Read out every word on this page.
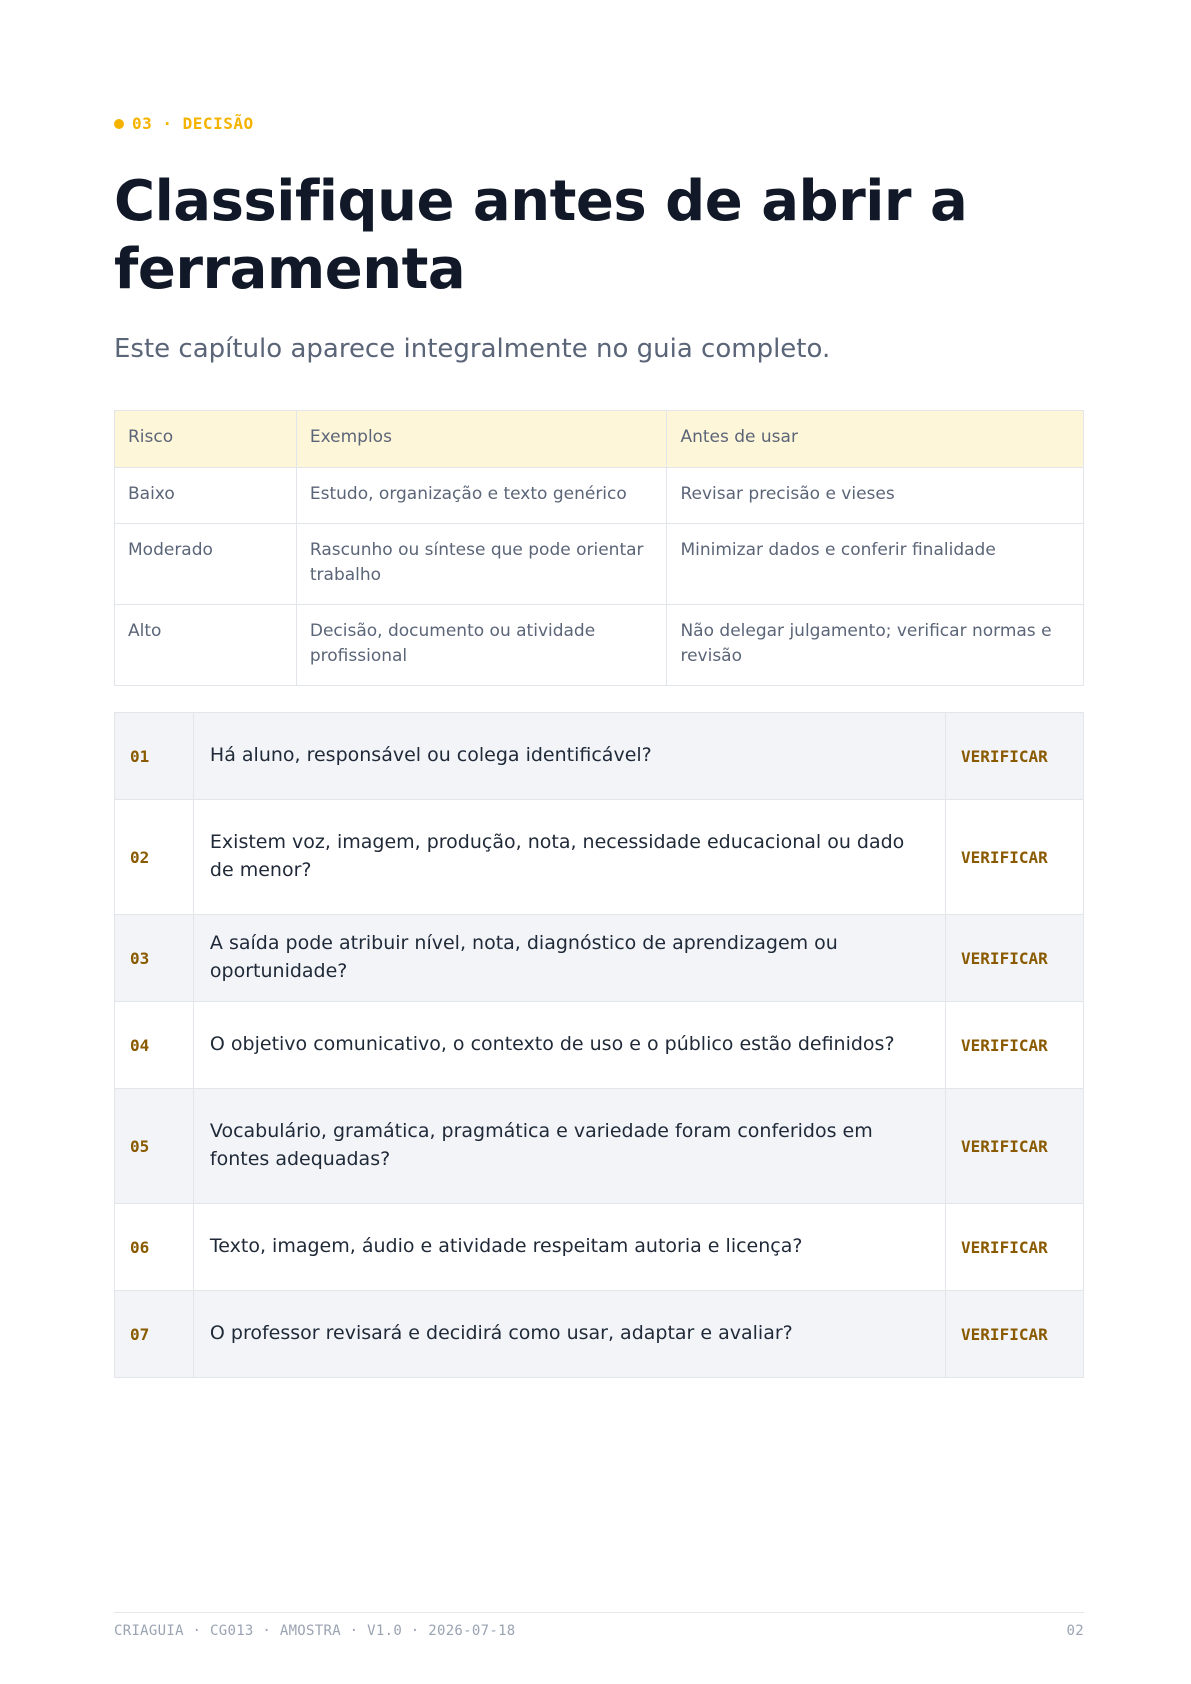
03 · DECISÃO
Classifique antes de abrir a ferramenta

Este capítulo aparece integralmente no guia completo.

Risco	Exemplos	Antes de usar
Baixo	Estudo, organização e texto genérico	Revisar precisão e vieses
Moderado	Rascunho ou síntese que pode orientar trabalho	Minimizar dados e conferir finalidade
Alto	Decisão, documento ou atividade profissional	Não delegar julgamento; verificar normas e revisão
01	Há aluno, responsável ou colega identificável?	VERIFICAR
02	Existem voz, imagem, produção, nota, necessidade educacional ou dado de menor?	VERIFICAR
03	A saída pode atribuir nível, nota, diagnóstico de aprendizagem ou oportunidade?	VERIFICAR
04	O objetivo comunicativo, o contexto de uso e o público estão definidos?	VERIFICAR
05	Vocabulário, gramática, pragmática e variedade foram conferidos em fontes adequadas?	VERIFICAR
06	Texto, imagem, áudio e atividade respeitam autoria e licença?	VERIFICAR
07	O professor revisará e decidirá como usar, adaptar e avaliar?	VERIFICAR
CRIAGUIA · CG013 · AMOSTRA · V1.0 · 2026-07-18	02
